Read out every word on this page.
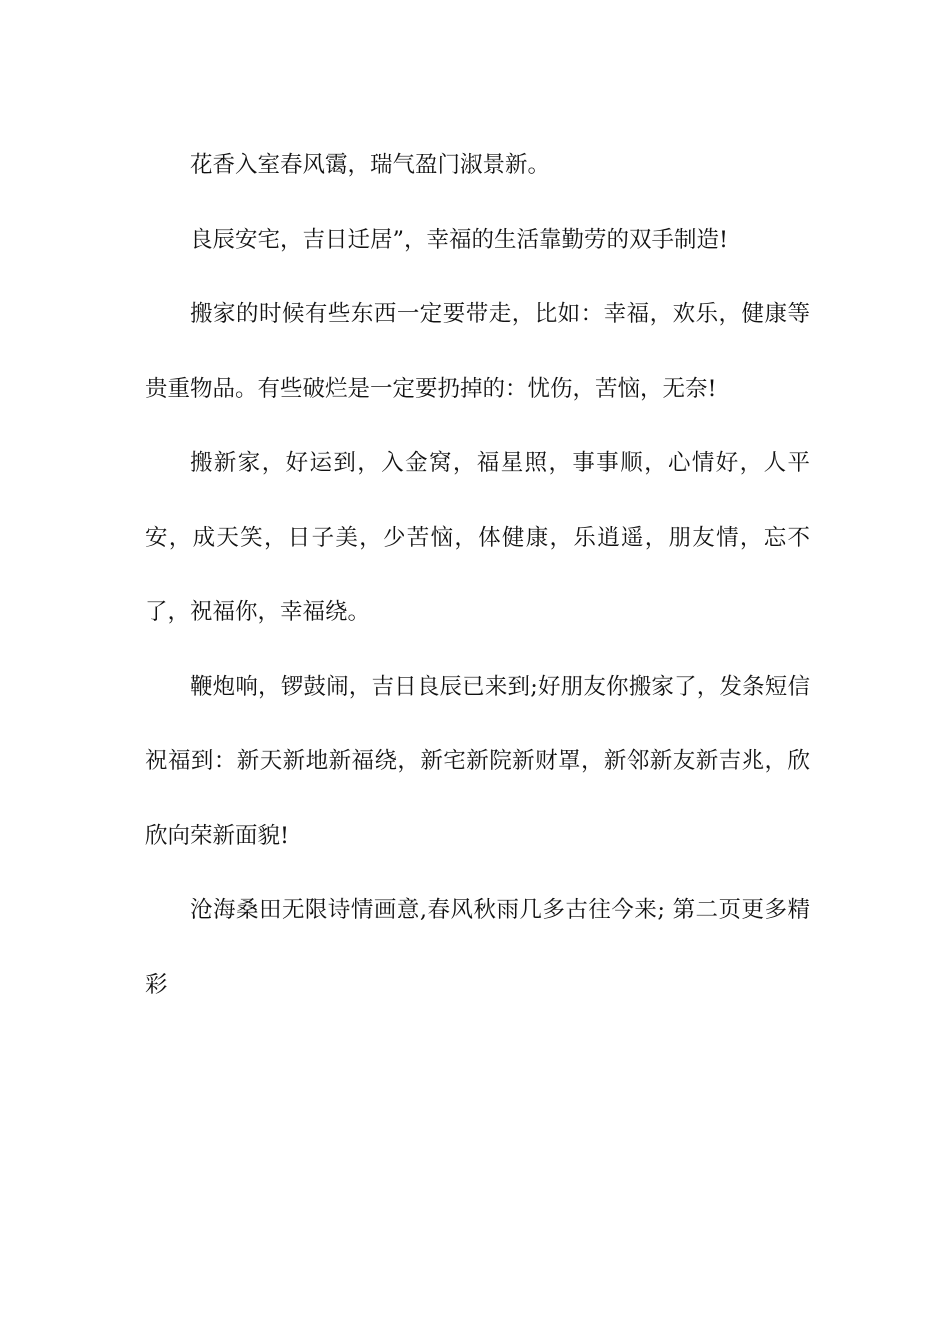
花香入室春风霭，瑞气盈门淑景新。

良辰安宅，吉日迁居”，幸福的生活靠勤劳的双手制造!

搬家的时候有些东西一定要带走，比如：幸福，欢乐，健康等贵重物品。有些破烂是一定要扔掉的：忧伤，苦恼，无奈!

搬新家，好运到，入金窝，福星照，事事顺，心情好，人平安，成天笑，日子美，少苦恼，体健康，乐逍遥，朋友情，忘不了，祝福你，幸福绕。

鞭炮响，锣鼓闹，吉日良辰已来到;好朋友你搬家了，发条短信祝福到：新天新地新福绕，新宅新院新财罩，新邻新友新吉兆，欣欣向荣新面貌!

沧海桑田无限诗情画意,春风秋雨几多古往今来; 第二页更多精彩
